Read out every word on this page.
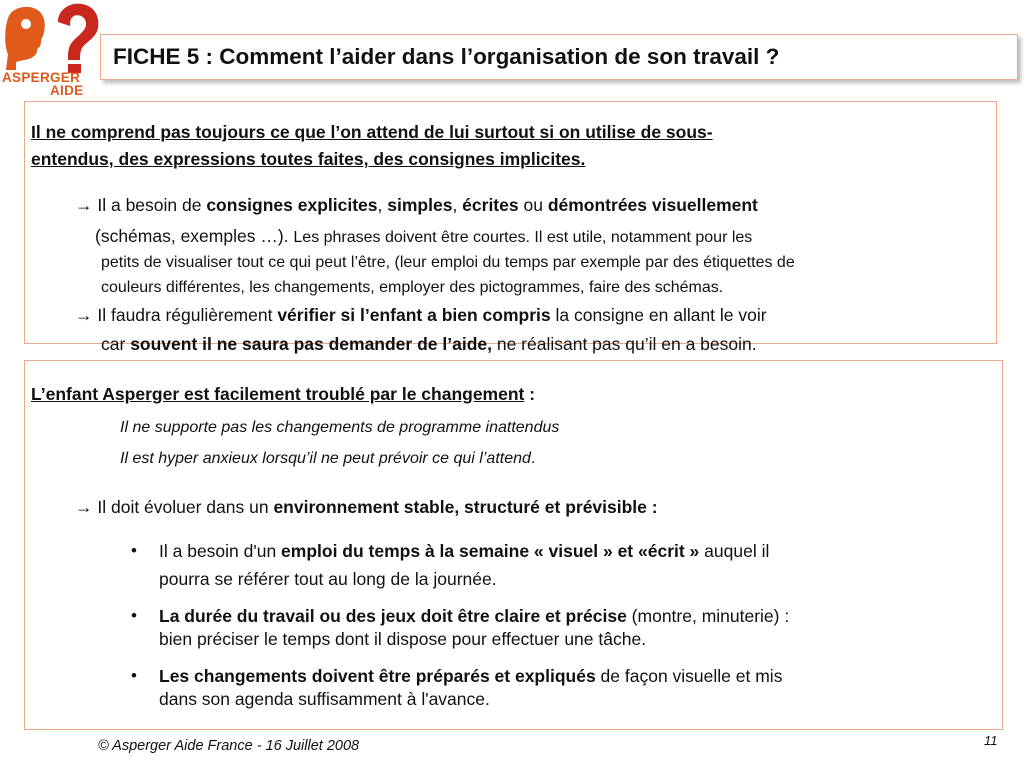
ASPERGER
AIDE
FICHE 5 : Comment l’aider dans l’organisation de son travail ?
Il ne comprend pas toujours ce que l’on attend de lui surtout si on utilise de sous-
entendus, des expressions toutes faites, des consignes implicites.
→ Il a besoin de consignes explicites, simples, écrites ou démontrées visuellement
(schémas, exemples …). Les phrases doivent être courtes. Il est utile, notamment pour les
petits de visualiser tout ce qui peut l’être, (leur emploi du temps par exemple par des étiquettes de
couleurs différentes, les changements, employer des pictogrammes, faire des schémas.
→ Il faudra régulièrement vérifier si l’enfant a bien compris la consigne en allant le voir
car souvent il ne saura pas demander de l’aide, ne réalisant pas qu’il en a besoin.
L’enfant Asperger est facilement troublé par le changement :
Il ne supporte pas les changements de programme inattendus
Il est hyper anxieux lorsqu’il ne peut prévoir ce qui l’attend.
→ Il doit évoluer dans un environnement stable, structuré et prévisible :
• Il a besoin d'un emploi du temps à la semaine « visuel » et «écrit » auquel il
pourra se référer tout au long de la journée.
• La durée du travail ou des jeux doit être claire et précise (montre, minuterie) :
bien préciser le temps dont il dispose pour effectuer une tâche.
• Les changements doivent être préparés et expliqués de façon visuelle et mis
dans son agenda suffisamment à l'avance.
© Asperger Aide France - 16 Juillet 2008	11
